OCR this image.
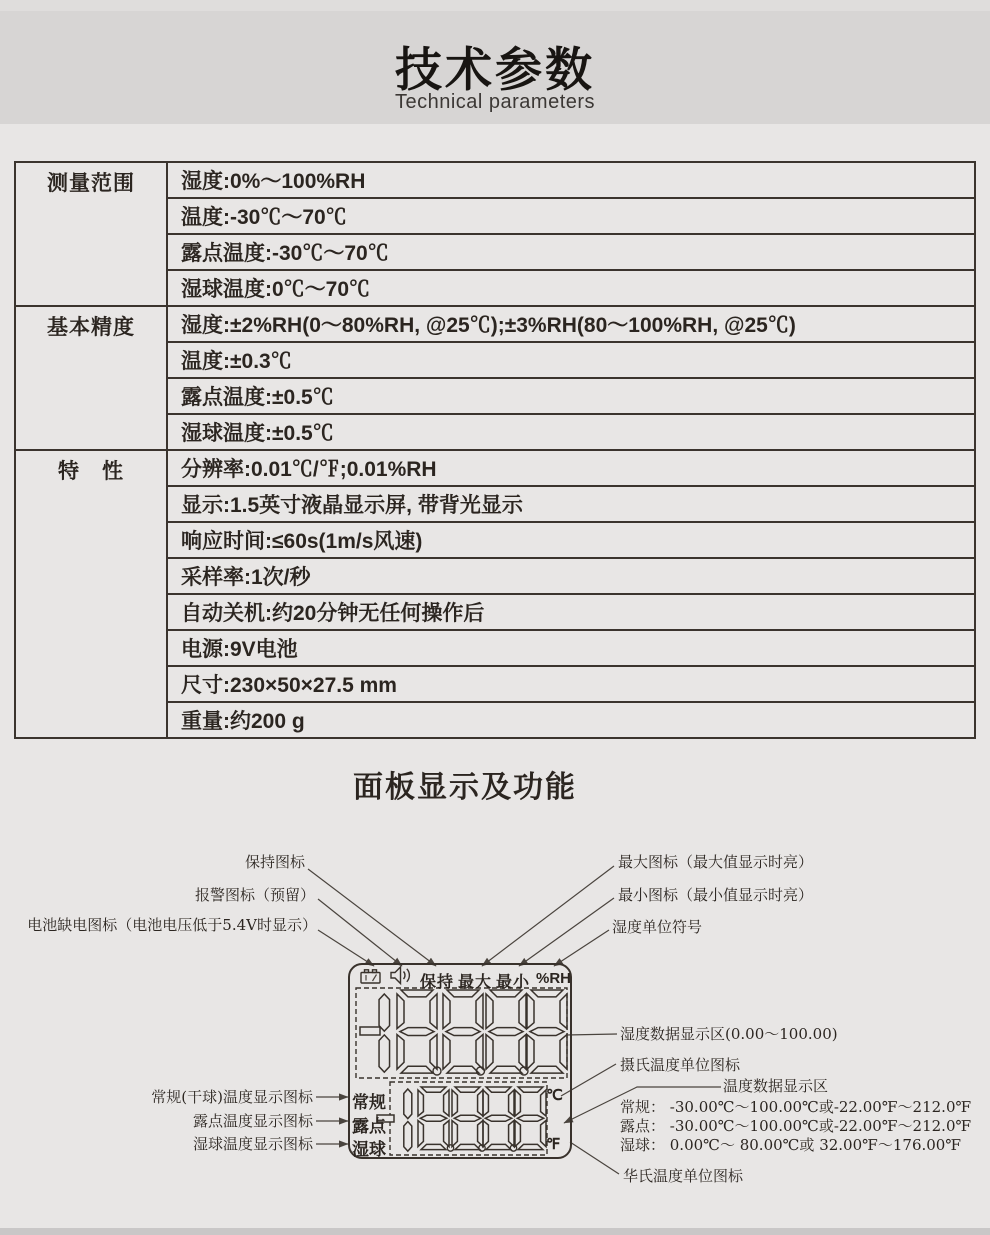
技术参数
Technical parameters
测量范围	湿度:0%～100%RH
	温度:-30℃～70℃
	露点温度:-30℃～70℃
	湿球温度:0℃～70℃
基本精度	湿度:±2%RH(0～80%RH, @25℃);±3%RH(80～100%RH, @25℃)
	温度:±0.3℃
	露点温度:±0.5℃
	湿球温度:±0.5℃
特　性	分辨率:0.01℃/℉;0.01%RH
	显示:1.5英寸液晶显示屏, 带背光显示
	响应时间:≤60s(1m/s风速)
	采样率:1次/秒
	自动关机:约20分钟无任何操作后
	电源:9V电池
	尺寸:230×50×27.5 mm
	重量:约200 g
面板显示及功能
保持图标
报警图标（预留）
电池缺电图标（电池电压低于5.4V时显示）
最大图标（最大值显示时亮）
最小图标（最小值显示时亮）
湿度单位符号
湿度数据显示区(0.00～100.00)
摄氏温度单位图标
温度数据显示区
常规： -30.00℃～100.00℃或-22.00℉～212.0℉
露点： -30.00℃～100.00℃或-22.00℉～212.0℉
湿球： 0.00℃～ 80.00℃或 32.00℉～176.00℉
华氏温度单位图标
常规(干球)温度显示图标
露点温度显示图标
湿球温度显示图标
保持 最大 最小 %RH
常规
露点
湿球
℃
℉
